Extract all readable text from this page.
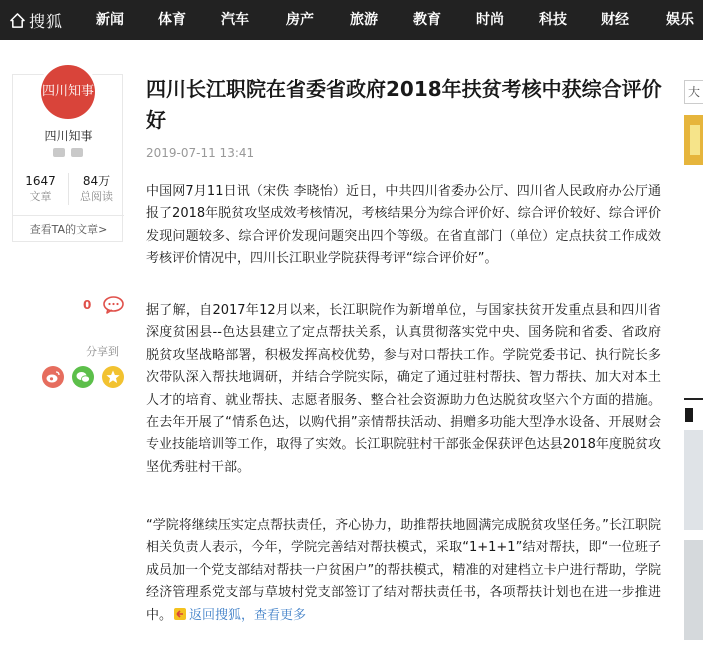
搜狐 新闻 体育	汽车	房产	旅游	教育	时尚	科技 财经	娱乐
四川知事
四川知事
1647
文章
84万
总阅读
查看TA的文章>
0
分享到
四川长江职院在省委省政府2018年扶贫考核中获综合评价好
2019-07-11 13:41

中国网7月11日讯（宋佚 李晓怡）近日，中共四川省委办公厅、四川省人民政府办公厅通报了2018年脱贫攻坚成效考核情况，考核结果分为综合评价好、综合评价较好、综合评价发现问题较多、综合评价发现问题突出四个等级。在省直部门（单位）定点扶贫工作成效考核评价情况中，四川长江职业学院获得考评“综合评价好”。

据了解，自2017年12月以来，长江职院作为新增单位，与国家扶贫开发重点县和四川省深度贫困县--色达县建立了定点帮扶关系，认真贯彻落实党中央、国务院和省委、省政府脱贫攻坚战略部署，积极发挥高校优势，参与对口帮扶工作。学院党委书记、执行院长多次带队深入帮扶地调研，并结合学院实际，确定了通过驻村帮扶、智力帮扶、加大对本土人才的培育、就业帮扶、志愿者服务、整合社会资源助力色达脱贫攻坚六个方面的措施。在去年开展了“情系色达，以购代捐”亲情帮扶活动、捐赠多功能大型净水设备、开展财会专业技能培训等工作，取得了实效。长江职院驻村干部张金保获评色达县2018年度脱贫攻坚优秀驻村干部。

“学院将继续压实定点帮扶责任，齐心协力，助推帮扶地圆满完成脱贫攻坚任务。”长江职院相关负责人表示，今年，学院完善结对帮扶模式，采取“1+1+1”结对帮扶，即“一位班子成员加一个党支部结对帮扶一户贫困户”的帮扶模式，精准的对建档立卡户进行帮助，学院经济管理系党支部与草坡村党支部签订了结对帮扶责任书，各项帮扶计划也在进一步推进中。 返回搜狐，查看更多

大
